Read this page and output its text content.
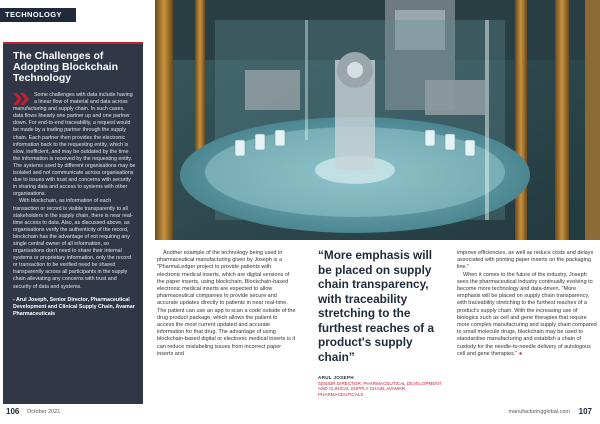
TECHNOLOGY
The Challenges of Adopting Blockchain Technology

Some challenges with data include having a linear flow of material and data across manufacturing and supply chain. In such cases, data flows linearly one partner up and one partner down. For end-to-end traceability, a request would be made by a trading partner through the supply chain. Each partner then provides the electronic information back to the requesting entity, which is slow, inefficient, and may be outdated by the time the information is received by the requesting entity. The systems used by different organisations may be isolated and not communicate across organisations due to issues with trust and concerns with security in sharing data and access to systems with other organisations.

With blockchain, as information of each transaction or record is visible transparently to all stakeholders in the supply chain, there is near real-time access to data. Also, as discussed above, as organisations verify the authenticity of the record, blockchain has the advantage of not requiring any single central owner of all information, so organisations don't need to share their internal systems or proprietary information, only the record or transaction to be verified need be shared transparently across all participants in the supply chain alleviating any concerns with trust and security of data and systems.

- Arul Joseph, Senior Director, Pharmaceutical Development and Clinical Supply Chain, Avamar Pharmaceuticals

Another example of the technology being used in pharmaceutical manufacturing given by Joseph is a "PharmaLedger project to provide patients with electronic medical inserts, which are digital versions of the paper inserts, using blockchain. Blockchain-based electronic medical inserts are expected to allow pharmaceutical companies to provide secure and accurate updates directly to patients in near real-time. The patient can use an app to scan a code outside of the drug product package, which allows the patient to access the most current updated and accurate information for that drug. The advantage of using blockchain-based digital or electronic medical inserts is it can reduce mislabeling issues from incorrect paper inserts and

“More emphasis will be placed on supply chain transparency, with traceability stretching to the furthest reaches of a product's supply chain”
ARUL JOSEPH
SENIOR DIRECTOR, PHARMACEUTICAL DEVELOPMENT AND CLINICAL SUPPLY CHAIN, AVAMAR PHARMACEUTICALS

improve efficiencies, as well as reduce costs and delays associated with printing paper inserts on the packaging line."

When it comes to the future of the industry, Joseph sees the pharmaceutical industry continually evolving to become more technology and data-driven. "More emphasis will be placed on supply chain transparency, with traceability stretching to the furthest reaches of a product's supply chain. With the increasing use of biologics such as cell and gene therapies that require more complex manufacturing and supply chain compared to small molecule drugs, blockchain may be used to standardise manufacturing and establish a chain of custody for the needle-to-needle delivery of autologous cell and gene therapies." ●

106 October 2021	manufacturingglobal.com 107
